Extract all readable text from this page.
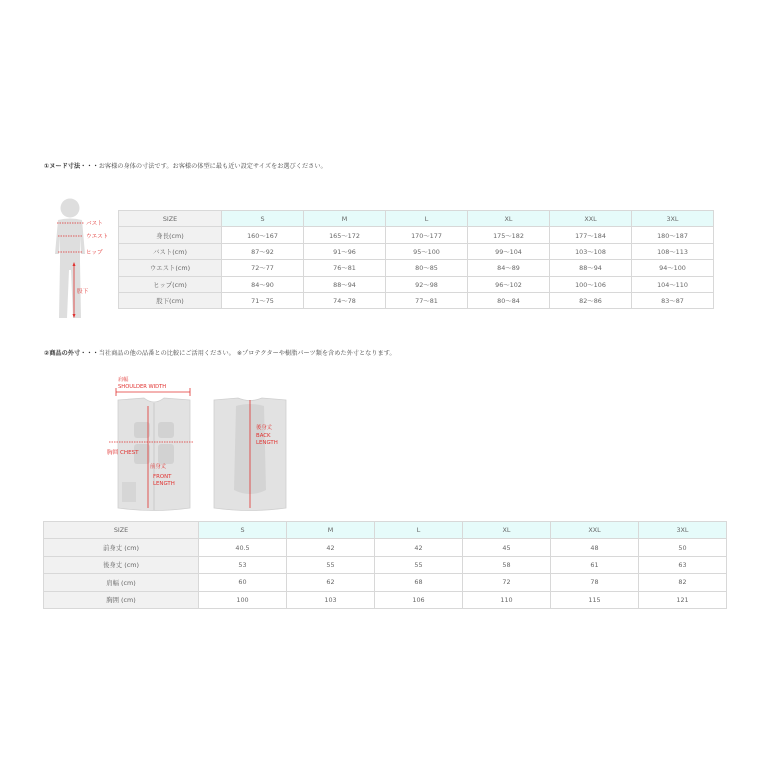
①ヌード寸法・・・お客様の身体の寸法です。お客様の体型に最も近い設定サイズをお選びください。
バスト
ウエスト
ヒップ
股下
SIZE	S	M	L	XL	XXL	3XL
身長(cm)	160～167	165～172	170～177	175～182	177～184	180～187
バスト(cm)	87～92	91～96	95～100	99～104	103～108	108～113
ウエスト(cm)	72～77	76～81	80～85	84～89	88～94	94～100
ヒップ(cm)	84～90	88～94	92～98	96～102	100～106	104～110
股下(cm)	71～75	74～78	77～81	80～84	82～86	83～87
②商品の外寸・・・当社商品の他の品番との比較にご活用ください。 ※プロテクターや樹脂パーツ類を含めた外寸となります。
肩幅
SHOULDER WIDTH
胸囲 CHEST
前身丈
FRONT
LENGTH
後身丈
BACK
LENGTH
SIZE	S	M	L	XL	XXL	3XL
前身丈 (cm)	40.5	42	42	45	48	50
後身丈 (cm)	53	55	55	58	61	63
肩幅 (cm)	60	62	68	72	78	82
胸囲 (cm)	100	103	106	110	115	121
